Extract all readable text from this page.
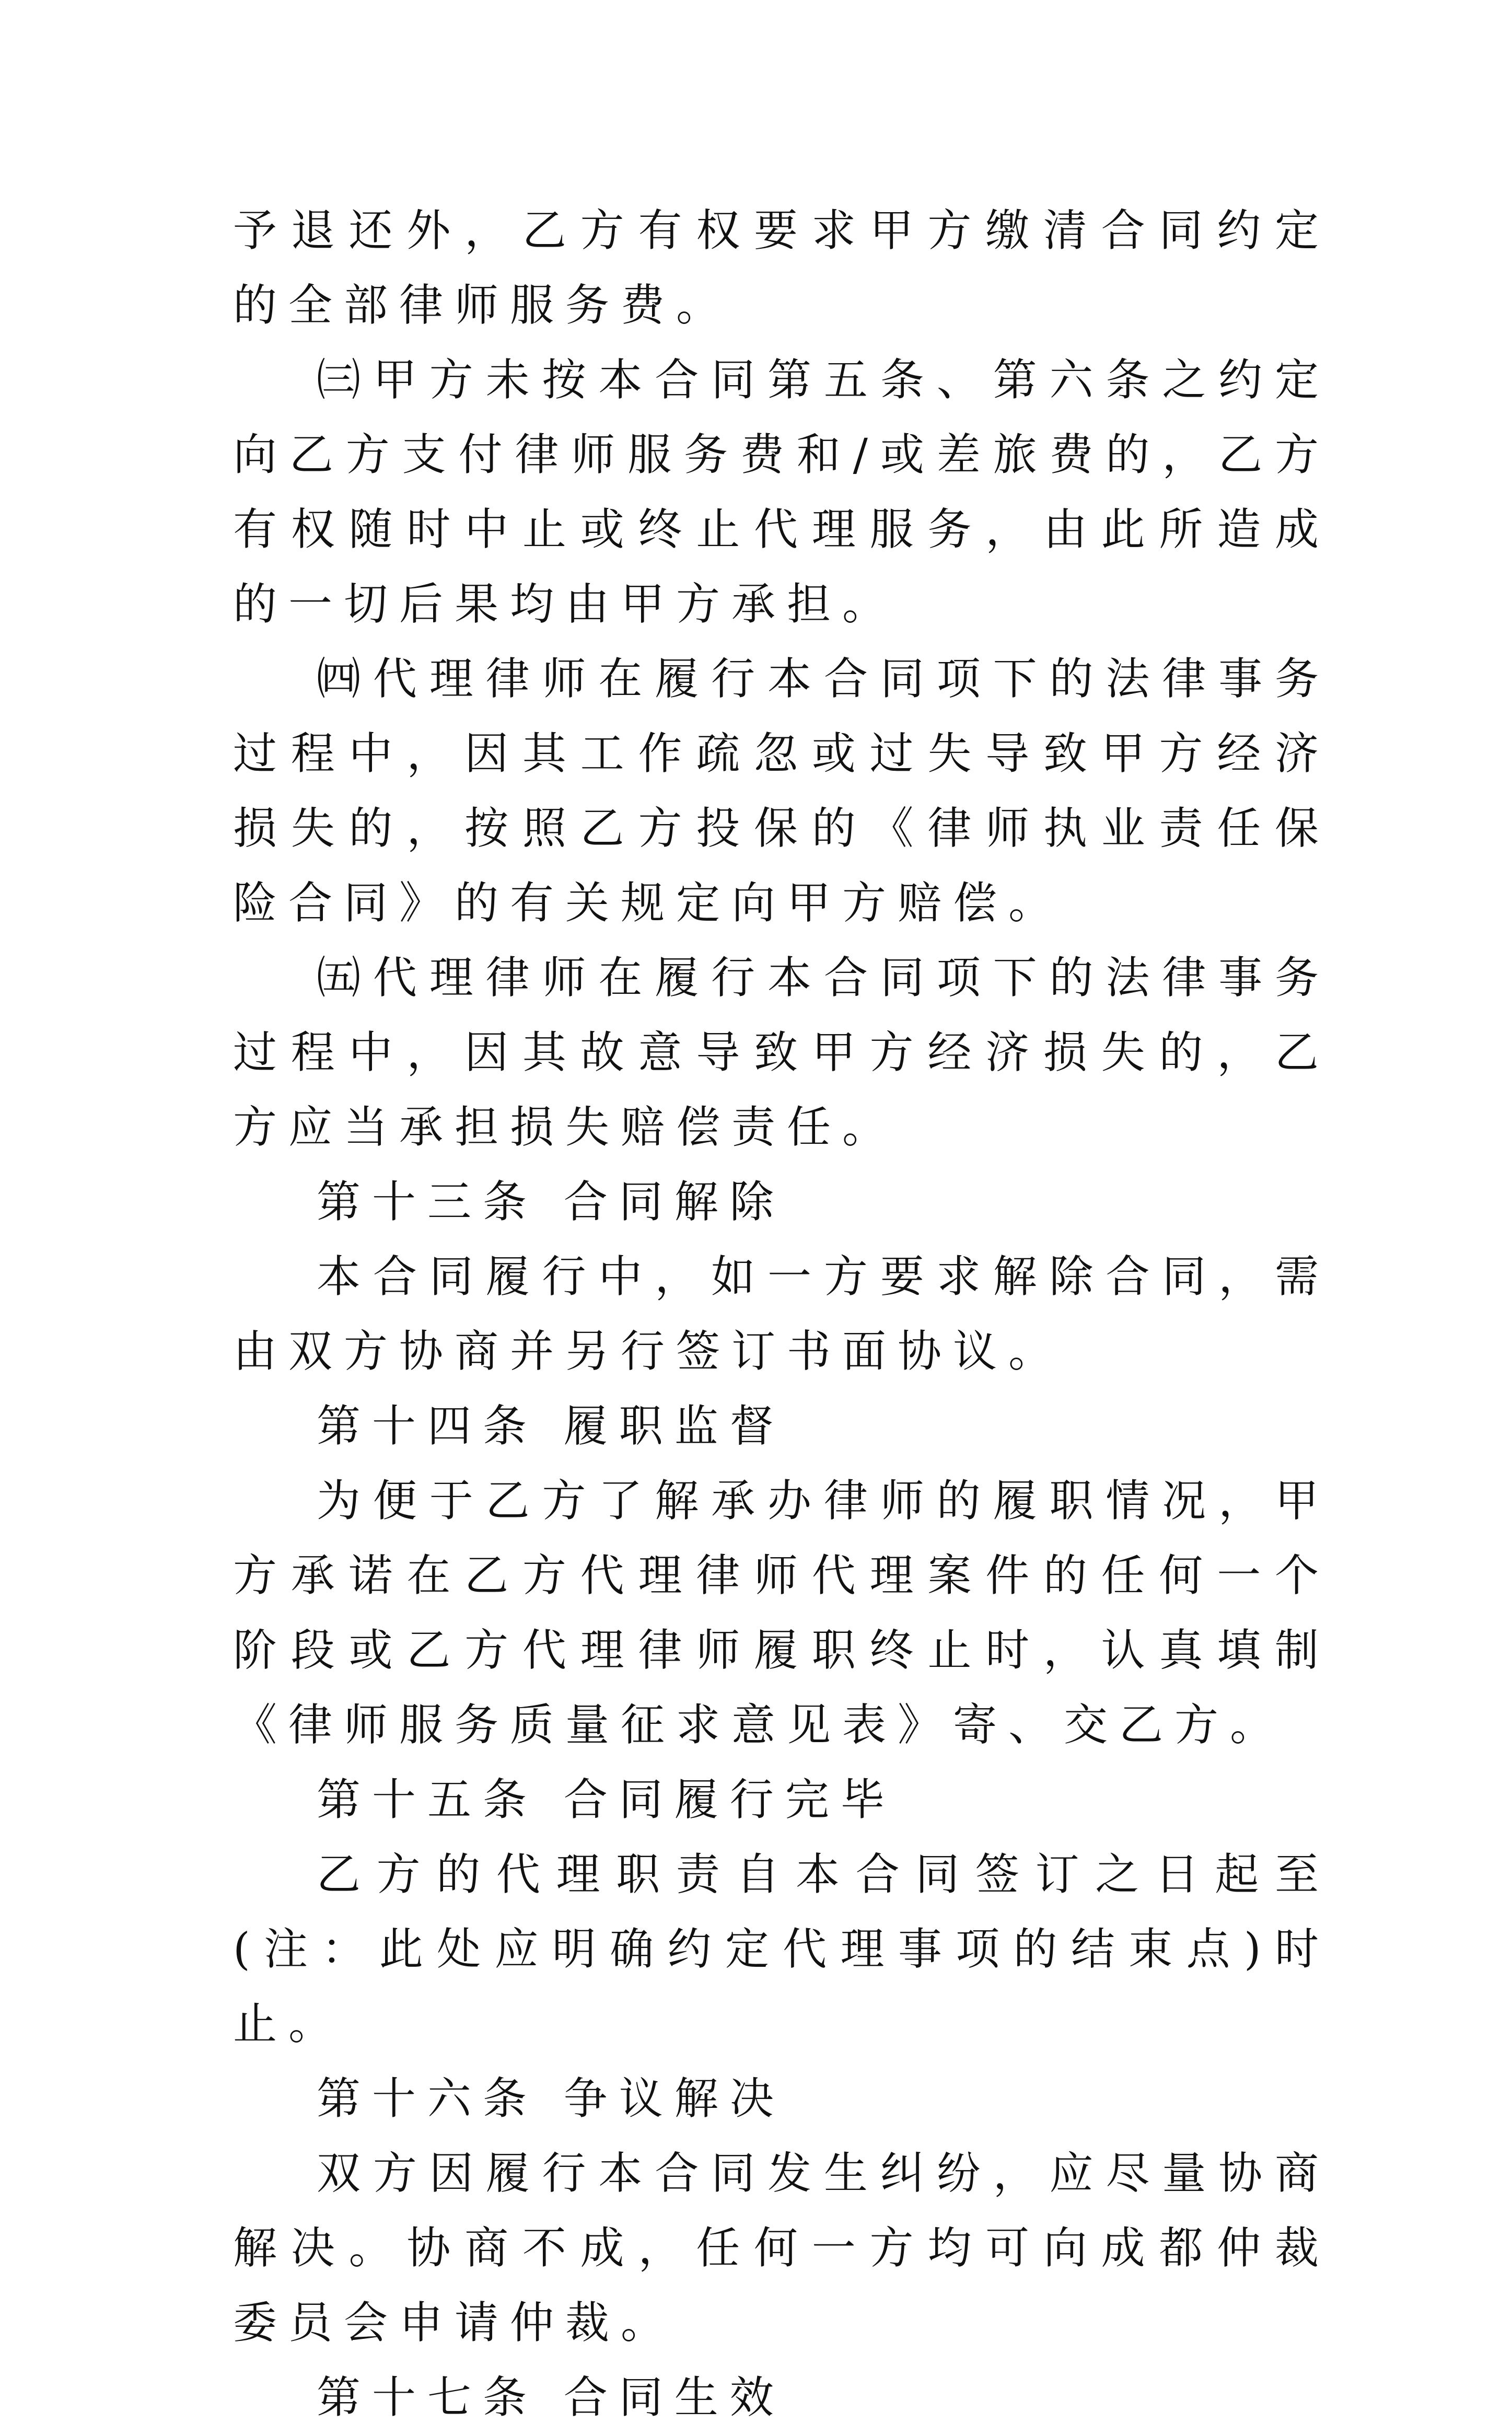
予退还外，乙方有权要求甲方缴清合同约定的全部律师服务费。

㈢甲方未按本合同第五条、第六条之约定向乙方支付律师服务费和/或差旅费的，乙方有权随时中止或终止代理服务，由此所造成的一切后果均由甲方承担。

㈣代理律师在履行本合同项下的法律事务过程中，因其工作疏忽或过失导致甲方经济损失的，按照乙方投保的《律师执业责任保险合同》的有关规定向甲方赔偿。

㈤代理律师在履行本合同项下的法律事务过程中，因其故意导致甲方经济损失的，乙方应当承担损失赔偿责任。

第十三条 合同解除

本合同履行中，如一方要求解除合同，需由双方协商并另行签订书面协议。

第十四条 履职监督

为便于乙方了解承办律师的履职情况，甲方承诺在乙方代理律师代理案件的任何一个阶段或乙方代理律师履职终止时，认真填制《律师服务质量征求意见表》寄、交乙方。

第十五条 合同履行完毕

乙方的代理职责自本合同签订之日起至(注：此处应明确约定代理事项的结束点)时止。

第十六条 争议解决

双方因履行本合同发生纠纷，应尽量协商解决。协商不成，任何一方均可向成都仲裁委员会申请仲裁。

第十七条 合同生效
